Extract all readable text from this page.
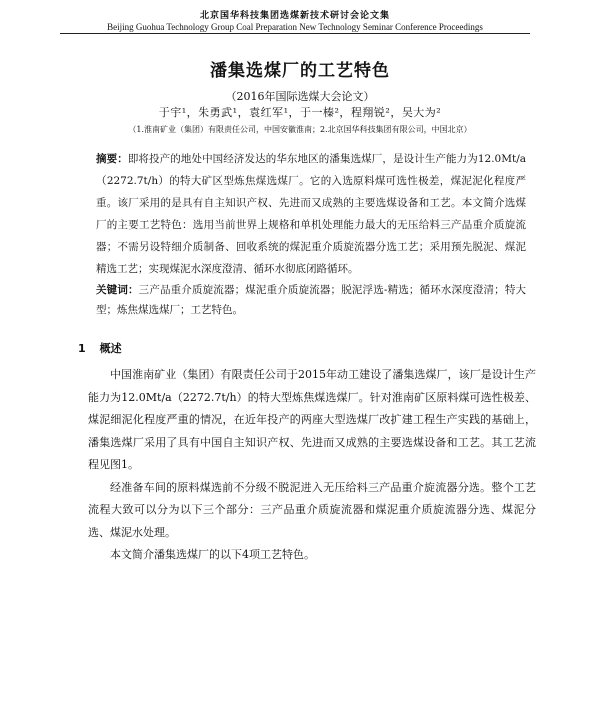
北京国华科技集团选煤新技术研讨会论文集
Beijing Guohua Technology Group Coal Preparation New Technology Seminar Conference Proceedings
潘集选煤厂的工艺特色
（2016年国际选煤大会论文）
于宇¹，朱勇武¹，袁红军¹，于一榛²，程翔锐²，吴大为²
（1.淮南矿业（集团）有限责任公司，中国安徽淮南；2.北京国华科技集团有限公司，中国北京）
摘要：即将投产的地处中国经济发达的华东地区的潘集选煤厂，是设计生产能力为12.0Mt/a（2272.7t/h）的特大矿区型炼焦煤选煤厂。它的入选原料煤可选性极差，煤泥泥化程度严重。该厂采用的是具有自主知识产权、先进而又成熟的主要选煤设备和工艺。本文简介选煤厂的主要工艺特色：选用当前世界上规格和单机处理能力最大的无压给料三产品重介质旋流器；不需另设特细介质制备、回收系统的煤泥重介质旋流器分选工艺；采用预先脱泥、煤泥精选工艺；实现煤泥水深度澄清、循环水彻底闭路循环。
关键词：三产品重介质旋流器；煤泥重介质旋流器；脱泥浮选-精选；循环水深度澄清；特大型；炼焦煤选煤厂；工艺特色。
1 概述

中国淮南矿业（集团）有限责任公司于2015年动工建设了潘集选煤厂，该厂是设计生产能力为12.0Mt/a（2272.7t/h）的特大型炼焦煤选煤厂。针对淮南矿区原料煤可选性极差、煤泥细泥化程度严重的情况，在近年投产的两座大型选煤厂改扩建工程生产实践的基础上，潘集选煤厂采用了具有中国自主知识产权、先进而又成熟的主要选煤设备和工艺。其工艺流程见图1。

经准备车间的原料煤选前不分级不脱泥进入无压给料三产品重介旋流器分选。整个工艺流程大致可以分为以下三个部分：三产品重介质旋流器和煤泥重介质旋流器分选、煤泥分选、煤泥水处理。

本文简介潘集选煤厂的以下4项工艺特色。
